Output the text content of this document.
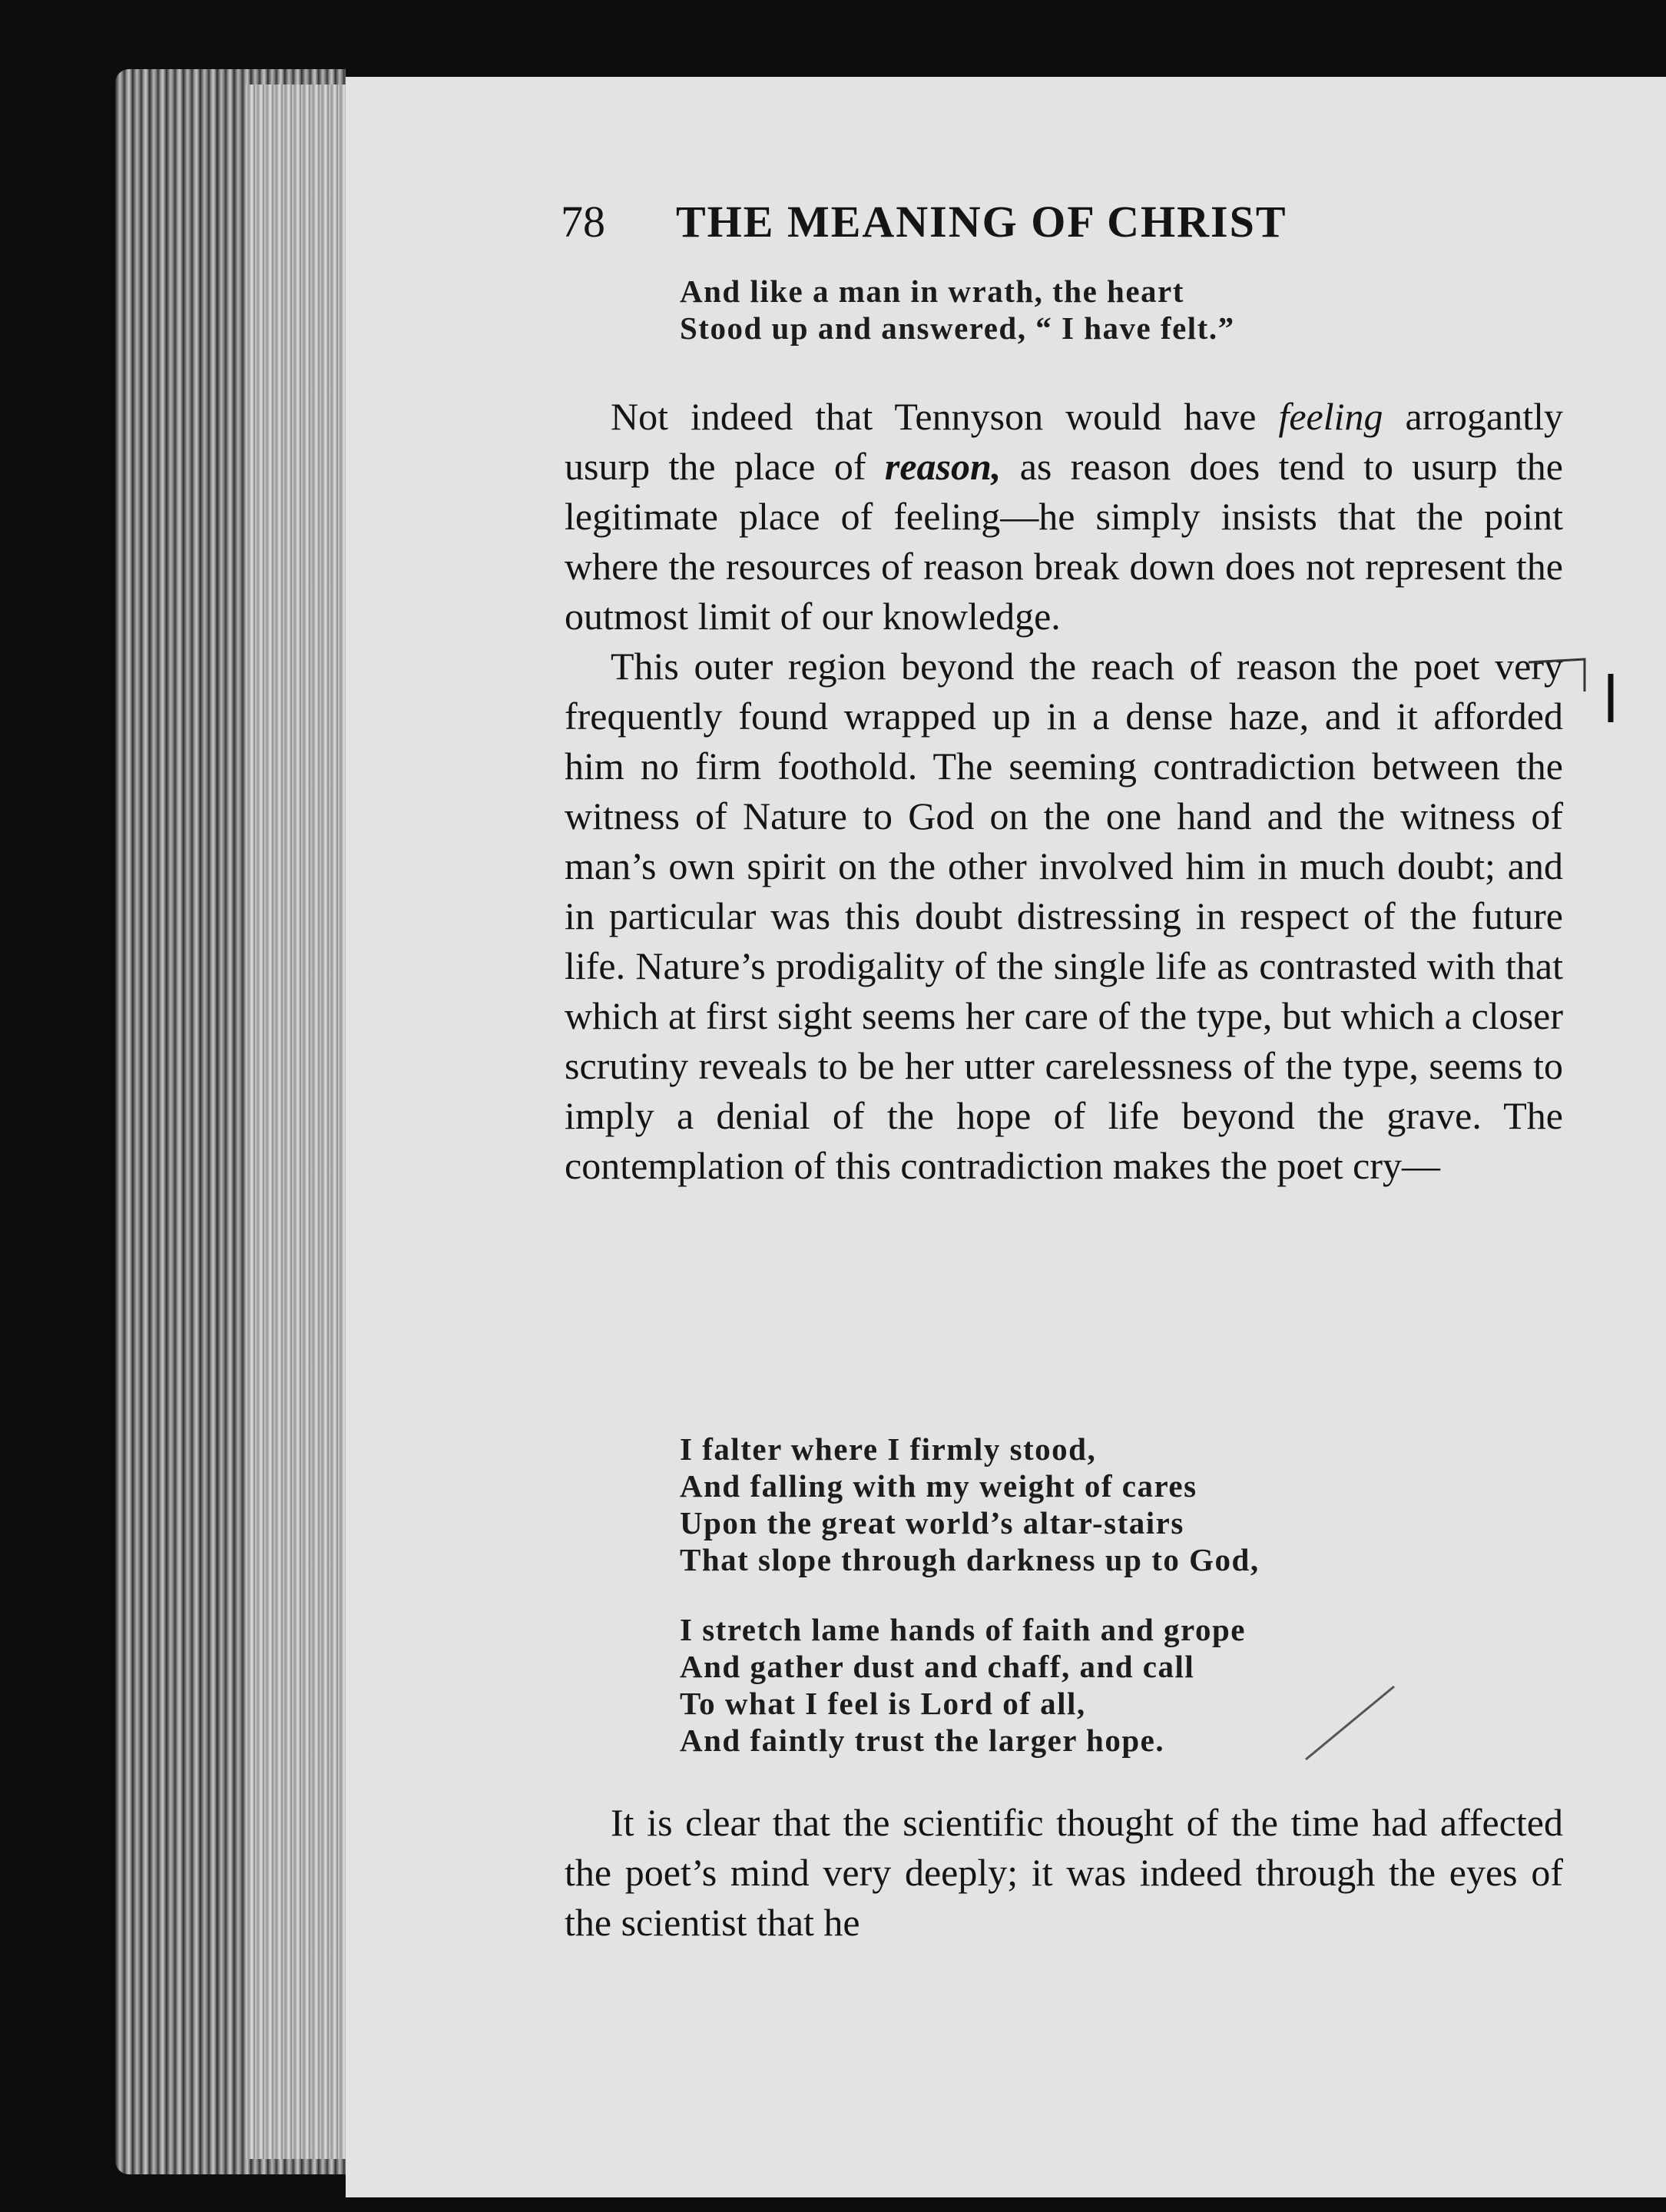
78 THE MEANING OF CHRIST
And like a man in wrath, the heart
Stood up and answered, “ I have felt.”

Not indeed that Tennyson would have feeling arrogantly usurp the place of reason, as reason does tend to usurp the legitimate place of feeling—he simply insists that the point where the resources of reason break down does not represent the outmost limit of our knowledge.

This outer region beyond the reach of reason the poet very frequently found wrapped up in a dense haze, and it afforded him no firm foothold. The seeming contradiction between the witness of Nature to God on the one hand and the witness of man’s own spirit on the other involved him in much doubt; and in particular was this doubt distressing in respect of the future life. Nature’s prodigality of the single life as contrasted with that which at first sight seems her care of the type, but which a closer scrutiny reveals to be her utter carelessness of the type, seems to imply a denial of the hope of life beyond the grave. The contemplation of this contradiction makes the poet cry—

I falter where I firmly stood,
And falling with my weight of cares
Upon the great world’s altar-stairs
That slope through darkness up to God,
I stretch lame hands of faith and grope
And gather dust and chaff, and call
To what I feel is Lord of all,
And faintly trust the larger hope.

It is clear that the scientific thought of the time had affected the poet’s mind very deeply; it was indeed through the eyes of the scientist that he
